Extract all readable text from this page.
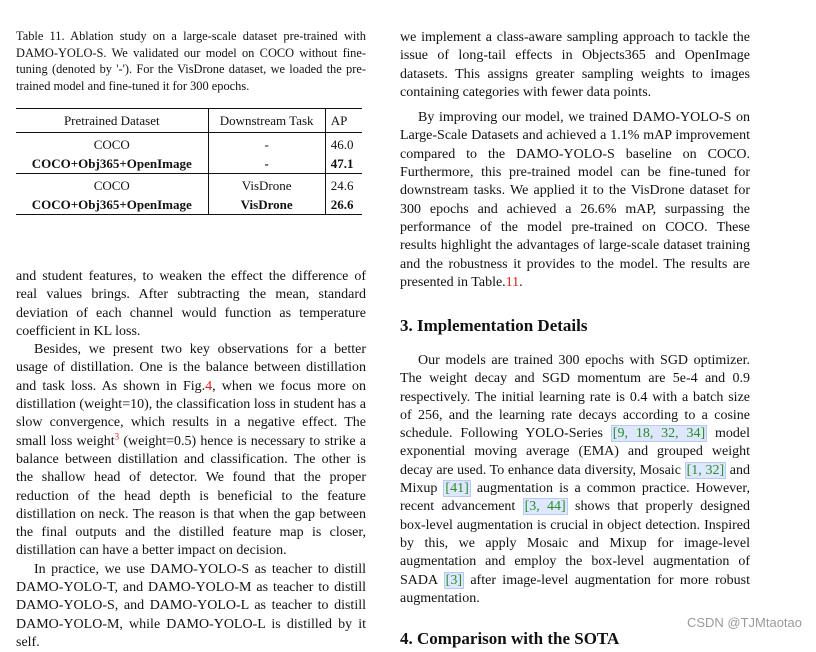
Table 11. Ablation study on a large-scale dataset pre-trained with DAMO-YOLO-S. We validated our model on COCO without fine-tuning (denoted by '-'). For the VisDrone dataset, we loaded the pre-trained model and fine-tuned it for 300 epochs.
Pretrained Dataset	Downstream Task	AP
COCO	-	46.0
COCO+Obj365+OpenImage	-	47.1
COCO	VisDrone	24.6
COCO+Obj365+OpenImage	VisDrone	26.6

and student features, to weaken the effect the difference of real values brings. After subtracting the mean, standard deviation of each channel would function as temperature coefficient in KL loss.

Besides, we present two key observations for a better usage of distillation. One is the balance between distillation and task loss. As shown in Fig.4, when we focus more on distillation (weight=10), the classification loss in student has a slow convergence, which results in a negative effect. The small loss weight$^3$ (weight=0.5) hence is necessary to strike a balance between distillation and classification. The other is the shallow head of detector. We found that the proper reduction of the head depth is beneficial to the feature distillation on neck. The reason is that when the gap between the final outputs and the distilled feature map is closer, distillation can have a better impact on decision.

In practice, we use DAMO-YOLO-S as teacher to distill DAMO-YOLO-T, and DAMO-YOLO-M as teacher to distill DAMO-YOLO-S, and DAMO-YOLO-L as teacher to distill DAMO-YOLO-M, while DAMO-YOLO-L is distilled by it self.

we implement a class-aware sampling approach to tackle the issue of long-tail effects in Objects365 and OpenImage datasets. This assigns greater sampling weights to images containing categories with fewer data points.

By improving our model, we trained DAMO-YOLO-S on Large-Scale Datasets and achieved a 1.1% mAP improvement compared to the DAMO-YOLO-S baseline on COCO. Furthermore, this pre-trained model can be fine-tuned for downstream tasks. We applied it to the VisDrone dataset for 300 epochs and achieved a 26.6% mAP, surpassing the performance of the model pre-trained on COCO. These results highlight the advantages of large-scale dataset training and the robustness it provides to the model. The results are presented in Table.11.

3. Implementation Details

Our models are trained 300 epochs with SGD optimizer. The weight decay and SGD momentum are 5e-4 and 0.9 respectively. The initial learning rate is 0.4 with a batch size of 256, and the learning rate decays according to a cosine schedule. Following YOLO-Series [9, 18, 32, 34] model exponential moving average (EMA) and grouped weight decay are used. To enhance data diversity, Mosaic [1, 32] and Mixup [41] augmentation is a common practice. However, recent advancement [3, 44] shows that properly designed box-level augmentation is crucial in object detection. Inspired by this, we apply Mosaic and Mixup for image-level augmentation and employ the box-level augmentation of SADA [3] after image-level augmentation for more robust augmentation.

4. Comparison with the SOTA
CSDN @TJMtaotao
